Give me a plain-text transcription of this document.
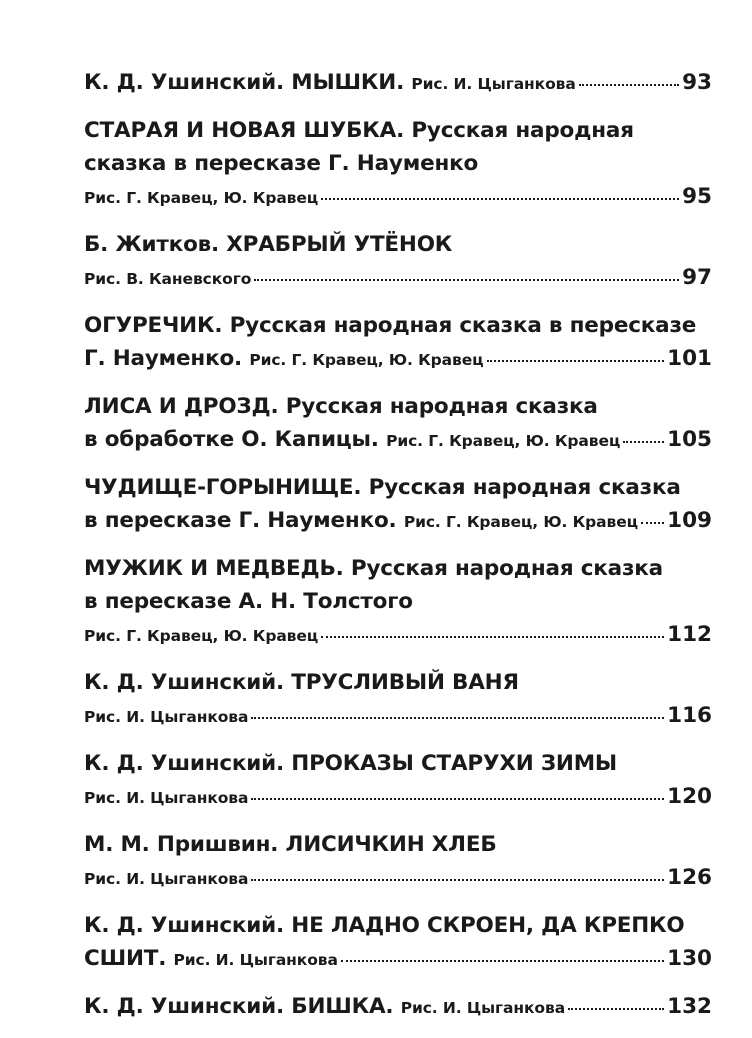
К. Д. Ушинский. МЫШКИ. Рис. И. Цыганкова	93
СТАРАЯ И НОВАЯ ШУБКА. Русская народная
сказка в пересказе Г. Науменко
Рис. Г. Кравец, Ю. Кравец	95
Б. Житков. ХРАБРЫЙ УТЁНОК
Рис. В. Каневского	97
ОГУРЕЧИК. Русская народная сказка в пересказе
Г. Науменко. Рис. Г. Кравец, Ю. Кравец	101
ЛИСА И ДРОЗД. Русская народная сказка
в обработке О. Капицы. Рис. Г. Кравец, Ю. Кравец 105
ЧУДИЩЕ-ГОРЫНИЩЕ. Русская народная сказка
в пересказе Г. Науменко. Рис. Г. Кравец, Ю. Кравец 109
МУЖИК И МЕДВЕДЬ. Русская народная сказка
в пересказе А. Н. Толстого
Рис. Г. Кравец, Ю. Кравец	112
К. Д. Ушинский. ТРУСЛИВЫЙ ВАНЯ
Рис. И. Цыганкова	116
К. Д. Ушинский. ПРОКАЗЫ СТАРУХИ ЗИМЫ
Рис. И. Цыганкова	120
М. М. Пришвин. ЛИСИЧКИН ХЛЕБ
Рис. И. Цыганкова	126
К. Д. Ушинский. НЕ ЛАДНО СКРОЕН, ДА КРЕПКО
СШИТ. Рис. И. Цыганкова	130
К. Д. Ушинский. БИШКА. Рис. И. Цыганкова	132
